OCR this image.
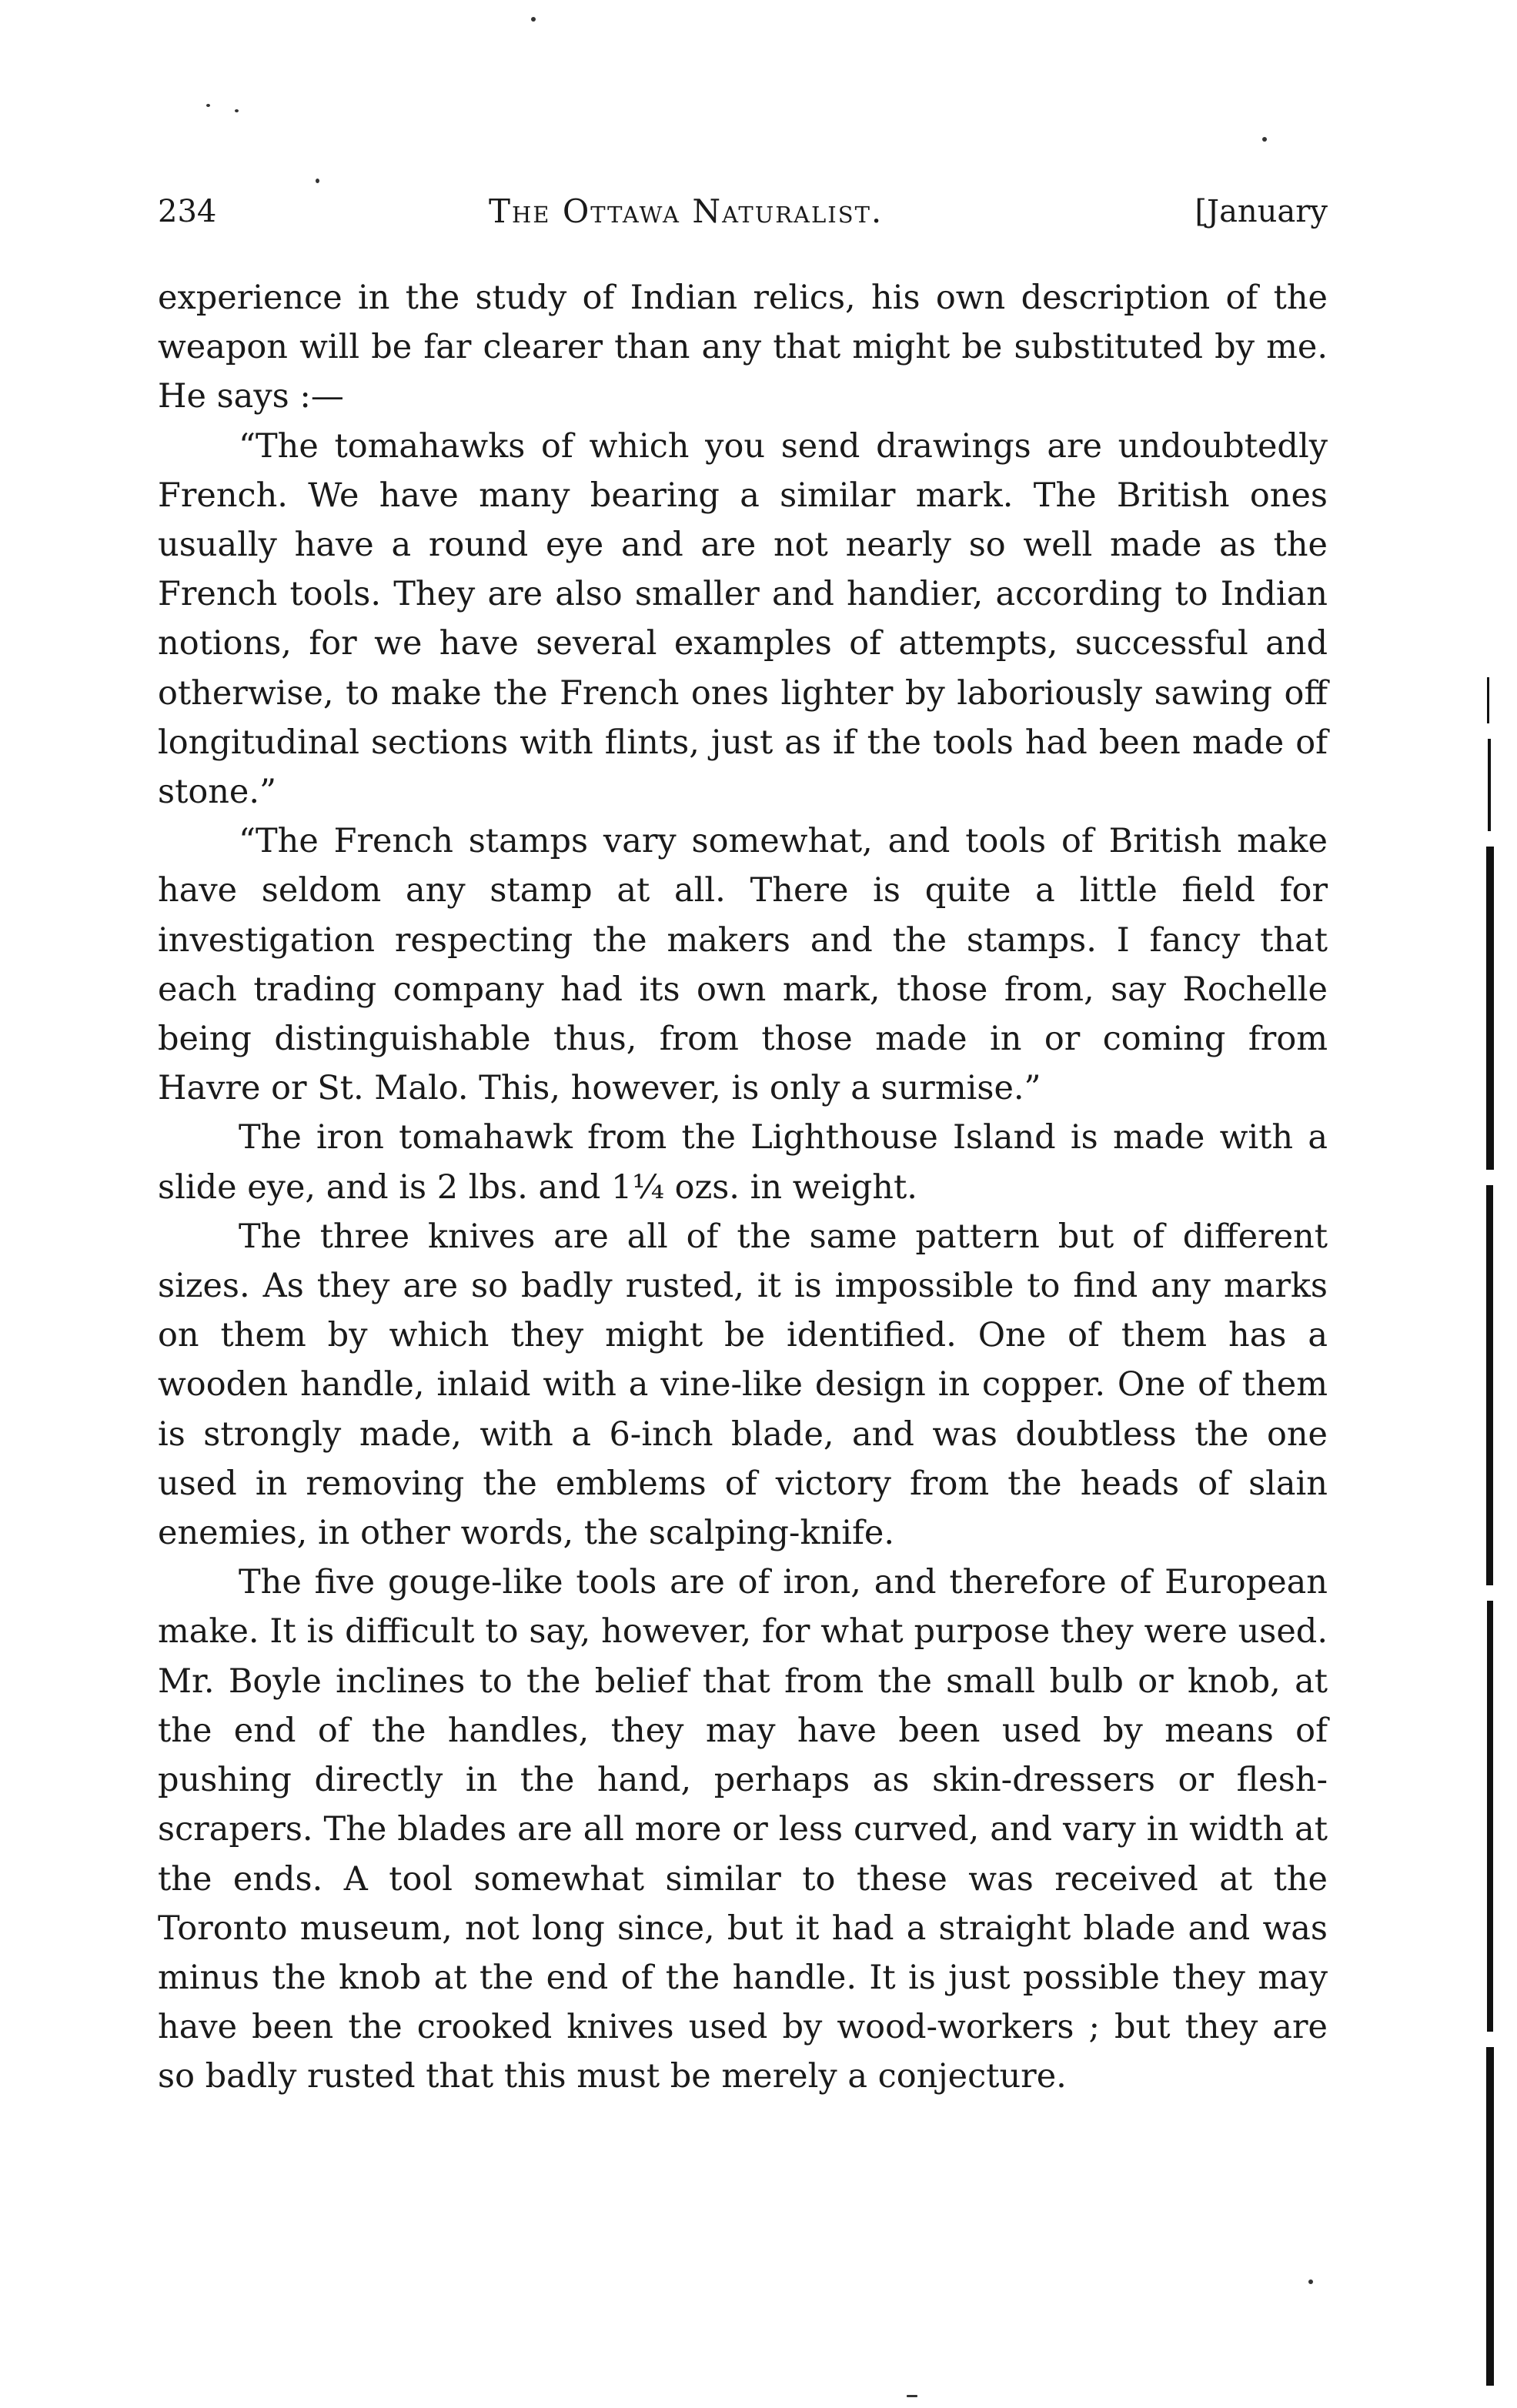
234	The Ottawa Naturalist.	[January

experience in the study of Indian relics, his own description of the weapon will be far clearer than any that might be substituted by me. He says :—

“The tomahawks of which you send drawings are undoubtedly French. We have many bearing a similar mark. The British ones usually have a round eye and are not nearly so well made as the French tools. They are also smaller and handier, according to Indian notions, for we have several examples of attempts, successful and otherwise, to make the French ones lighter by laboriously sawing off longitudinal sections with flints, just as if the tools had been made of stone.”

“The French stamps vary somewhat, and tools of British make have seldom any stamp at all. There is quite a little field for investigation respecting the makers and the stamps. I fancy that each trading company had its own mark, those from, say Rochelle being distinguishable thus, from those made in or coming from Havre or St. Malo. This, however, is only a surmise.”

The iron tomahawk from the Lighthouse Island is made with a slide eye, and is 2 lbs. and 1¼ ozs. in weight.

The three knives are all of the same pattern but of different sizes. As they are so badly rusted, it is impossible to find any marks on them by which they might be identified. One of them has a wooden handle, inlaid with a vine-like design in copper. One of them is strongly made, with a 6-inch blade, and was doubtless the one used in removing the emblems of victory from the heads of slain enemies, in other words, the scalping-knife.

The five gouge-like tools are of iron, and therefore of European make. It is difficult to say, however, for what purpose they were used. Mr. Boyle inclines to the belief that from the small bulb or knob, at the end of the handles, they may have been used by means of pushing directly in the hand, perhaps as skin-dressers or flesh-scrapers. The blades are all more or less curved, and vary in width at the ends. A tool somewhat similar to these was received at the Toronto museum, not long since, but it had a straight blade and was minus the knob at the end of the handle. It is just possible they may have been the crooked knives used by wood-workers ; but they are so badly rusted that this must be merely a conjecture.
